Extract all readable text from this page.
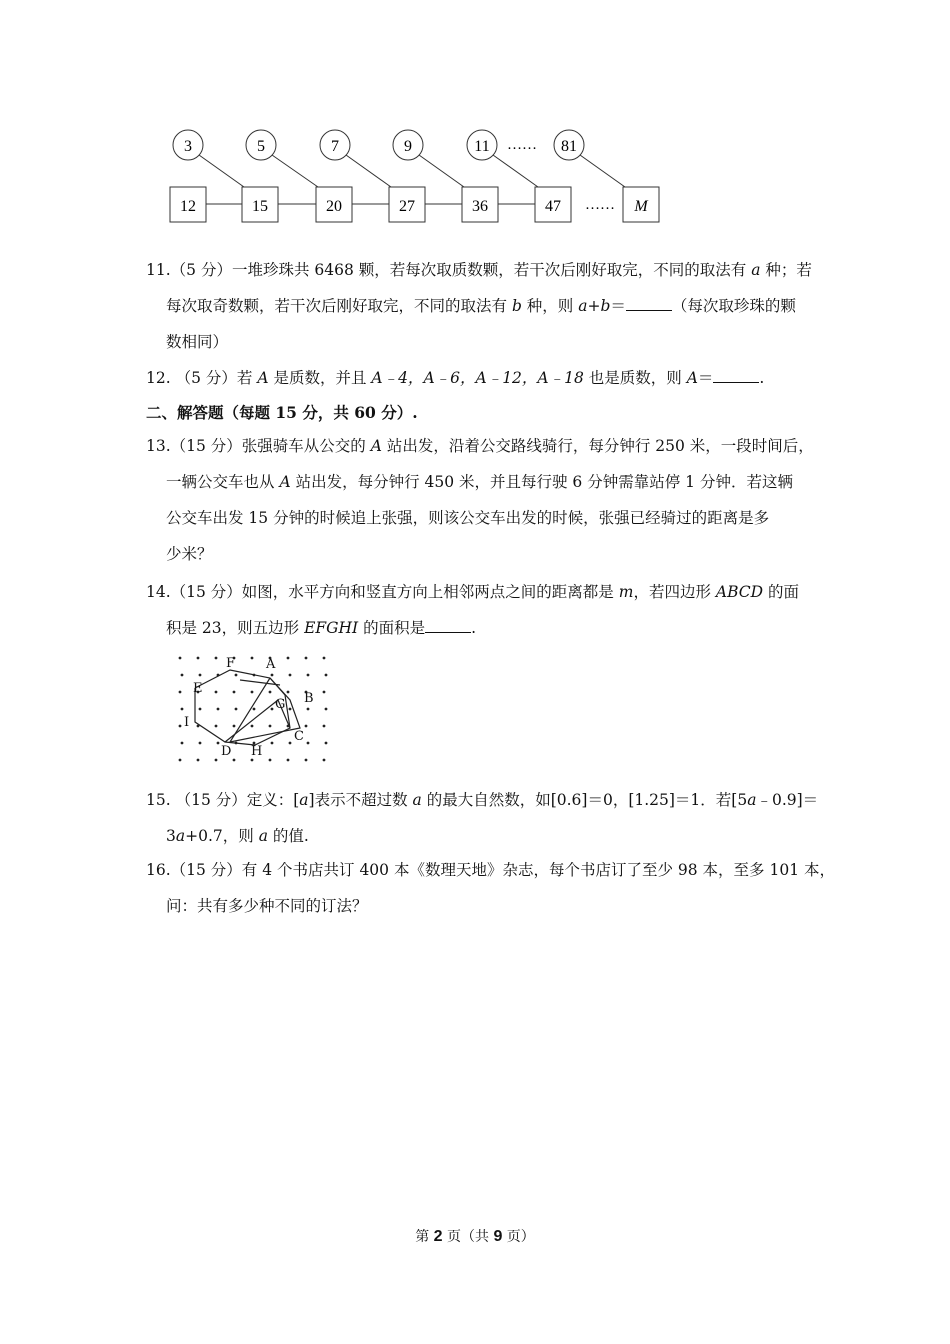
3	5	7	9	11 …… 81
12	15	20	27	36	47 …… M
11.（5 分）一堆珍珠共 6468 颗，若每次取质数颗，若干次后刚好取完，不同的取法有 a 种；若
每次取奇数颗，若干次后刚好取完，不同的取法有 b 种，则 a+b＝	（每次取珍珠的颗
数相同）
12. （5 分）若 A 是质数，并且 A﹣4，A﹣6，A﹣12，A﹣18 也是质数，则 A＝	.
二、解答题（每题 15 分，共 60 分）.
13.（15 分）张强骑车从公交的 A 站出发，沿着公交路线骑行，每分钟行 250 米，一段时间后，
一辆公交车也从 A 站出发，每分钟行 450 米，并且每行驶 6 分钟需靠站停 1 分钟．若这辆
公交车出发 15 分钟的时候追上张强，则该公交车出发的时候，张强已经骑过的距离是多
少米？
14.（15 分）如图，水平方向和竖直方向上相邻两点之间的距离都是 m，若四边形 ABCD 的面
积是 23，则五边形 EFGHI 的面积是	.
F A
E
G B
I
C
D H
15. （15 分）定义：[a]表示不超过数 a 的最大自然数，如[0.6]＝0，[1.25]＝1．若[5a﹣0.9]＝
3a+0.7，则 a 的值.
16.（15 分）有 4 个书店共订 400 本《数理天地》杂志，每个书店订了至少 98 本，至多 101 本，
问：共有多少种不同的订法？
第 2 页（共 9 页）
